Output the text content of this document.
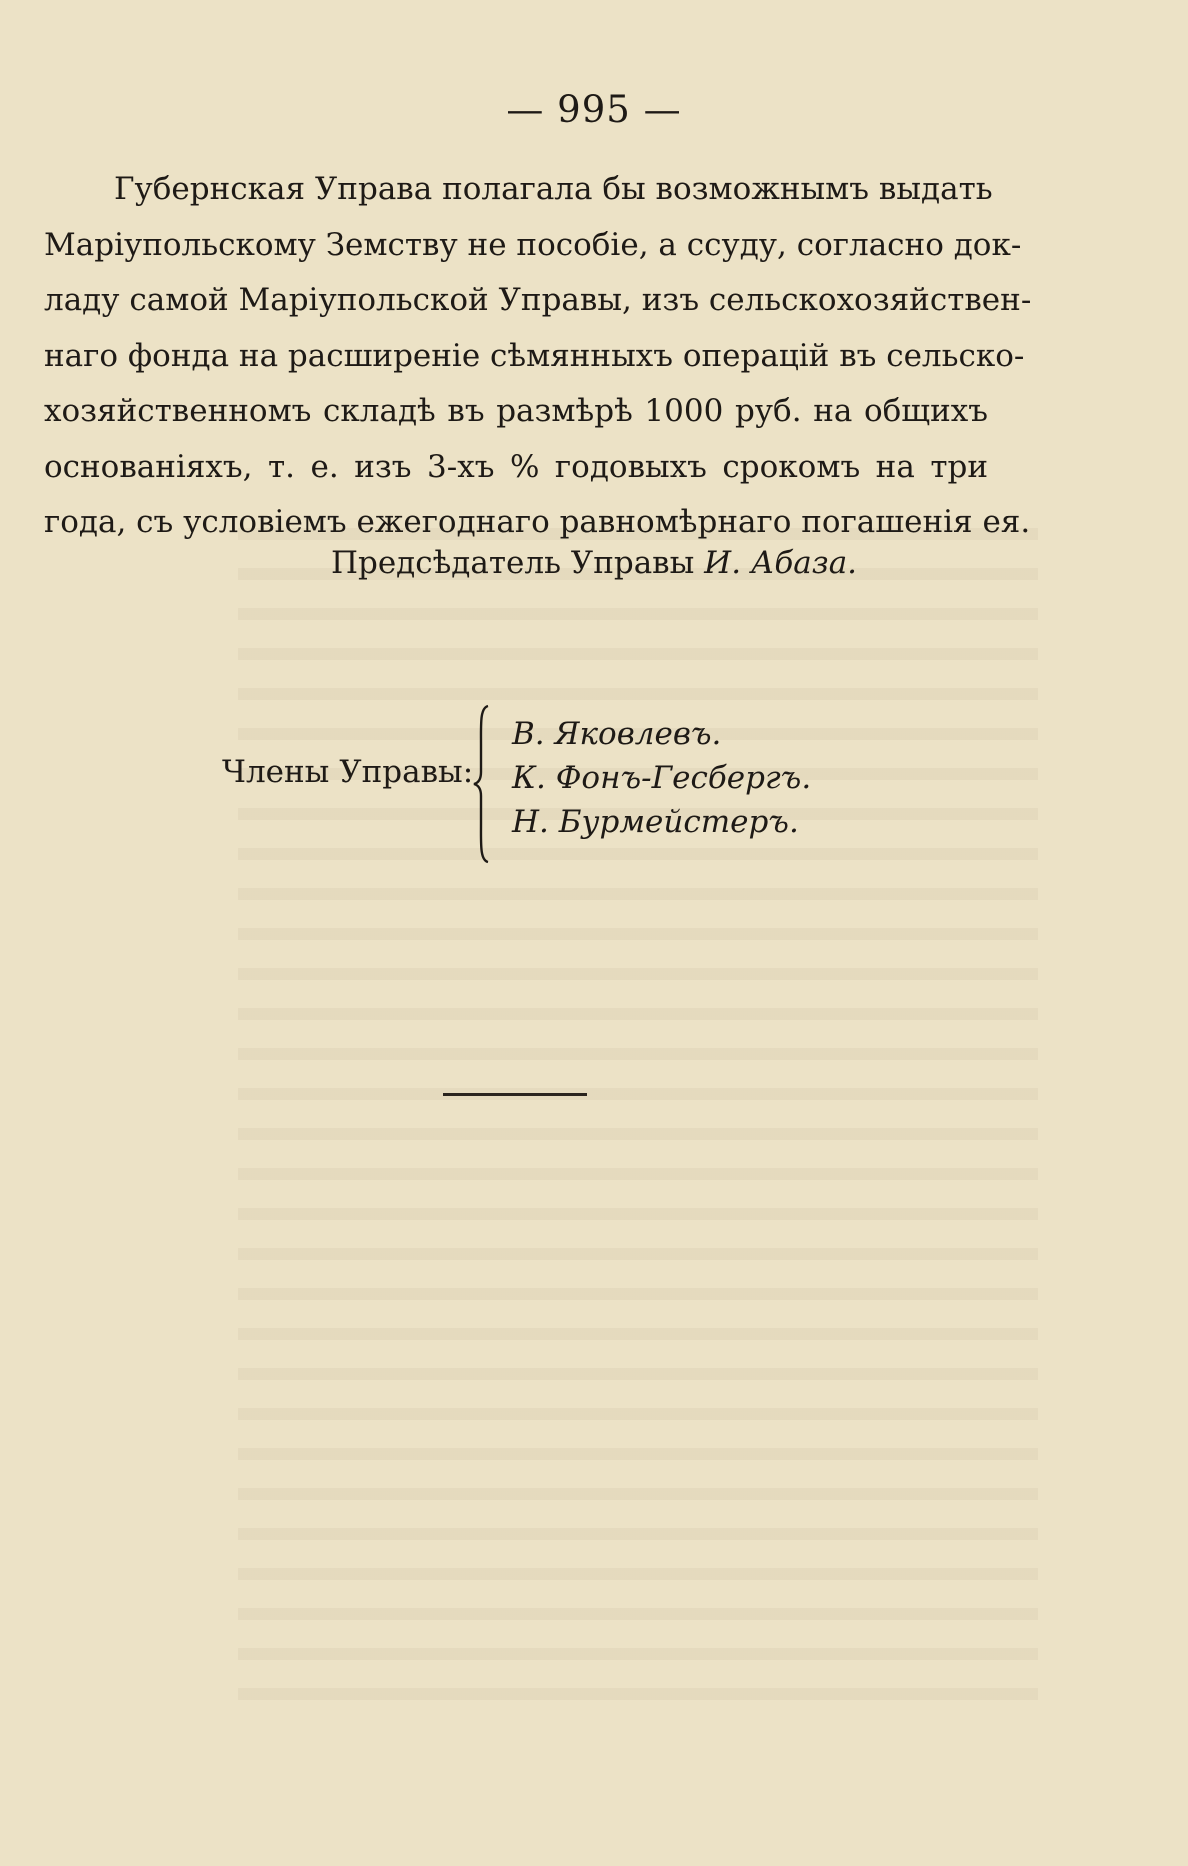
— 995 —
Губернская Управа полагала бы возможнымъ выдать
Маріупольскому Земству не пособіе, а ссуду, согласно док-
ладу самой Маріупольской Управы, изъ сельскохозяйствен-
наго фонда на расширеніе сѣмянныхъ операцій въ сельско-
хозяйственномъ складѣ въ размѣрѣ 1000 руб. на общихъ
основаніяхъ, т. е. изъ 3-хъ % годовыхъ срокомъ на три
года, съ условіемъ ежегоднаго равномѣрнаго погашенія ея.
Предсѣдатель Управы И. Абаза.
Члены Управы:
В. Яковлевъ.
К. Фонъ-Гесбергъ.
Н. Бурмейстеръ.
